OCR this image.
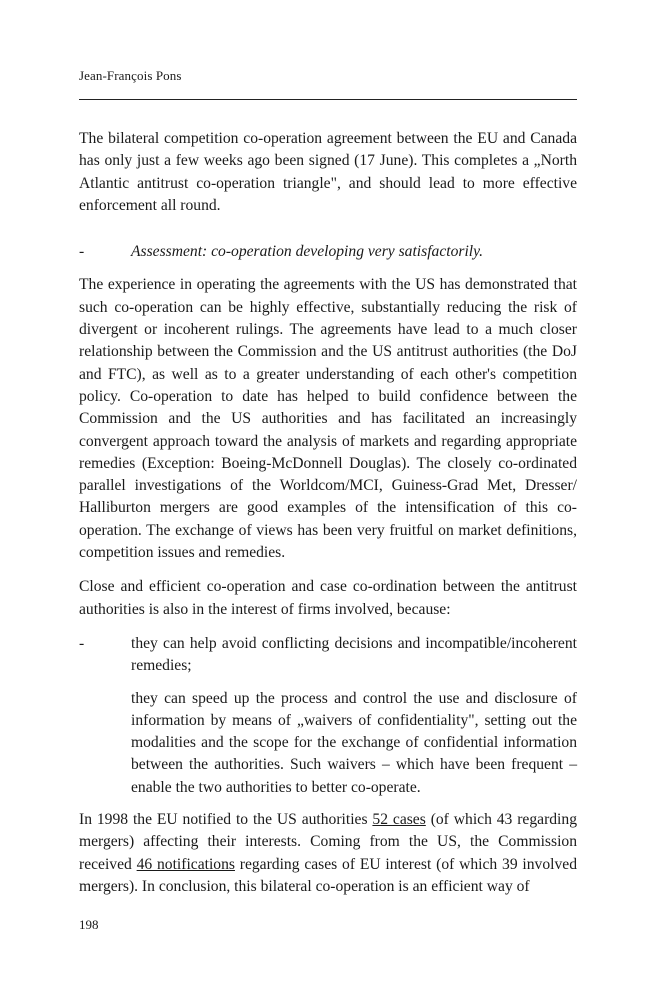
Jean-François Pons

The bilateral competition co-operation agreement between the EU and Canada has only just a few weeks ago been signed (17 June). This completes a „North Atlantic antitrust co-operation triangle", and should lead to more effective enforcement all round.

-	Assessment: co-operation developing very satisfactorily.

The experience in operating the agreements with the US has demonstrated that such co-operation can be highly effective, substantially reducing the risk of divergent or incoherent rulings. The agreements have lead to a much closer relationship between the Commission and the US antitrust authorities (the DoJ and FTC), as well as to a greater understanding of each other's competition policy. Co-operation to date has helped to build confidence between the Commission and the US authorities and has facilitated an increasingly convergent approach toward the analysis of markets and regarding appropriate remedies (Exception: Boeing-McDonnell Douglas). The closely co-ordinated parallel investigations of the Worldcom/MCI, Guiness-Grad Met, Dresser/ Halliburton mergers are good examples of the intensification of this co-operation. The exchange of views has been very fruitful on market definitions, competition issues and remedies.

Close and efficient co-operation and case co-ordination between the antitrust authorities is also in the interest of firms involved, because:

-	they can help avoid conflicting decisions and incompatible/incoherent remedies;
they can speed up the process and control the use and disclosure of information by means of „waivers of confidentiality", setting out the modalities and the scope for the exchange of confidential information between the authorities. Such waivers – which have been frequent – enable the two authorities to better co-operate.

In 1998 the EU notified to the US authorities 52 cases (of which 43 regarding mergers) affecting their interests. Coming from the US, the Commission received 46 notifications regarding cases of EU interest (of which 39 involved mergers). In conclusion, this bilateral co-operation is an efficient way of

198
